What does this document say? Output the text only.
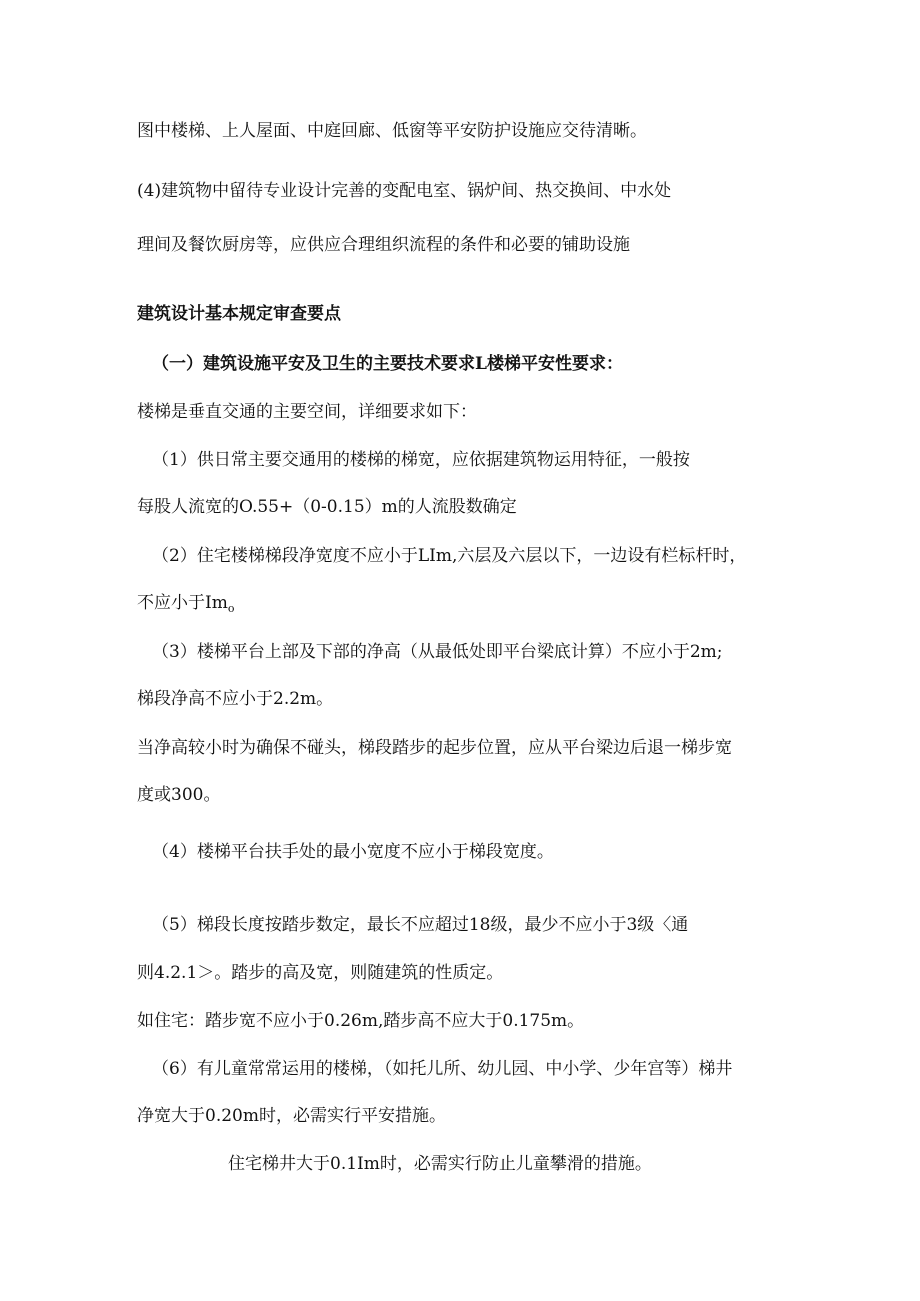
图中楼梯、上人屋面、中庭回廊、低窗等平安防护设施应交待清晰。
(4)建筑物中留待专业设计完善的变配电室、锅炉间、热交换间、中水处
理间及餐饮厨房等，应供应合理组织流程的条件和必要的铺助设施
建筑设计基本规定审查要点
（一）建筑设施平安及卫生的主要技术要求L楼梯平安性要求：
楼梯是垂直交通的主要空间，详细要求如下：
（1）供日常主要交通用的楼梯的梯宽，应依据建筑物运用特征，一般按
每股人流宽的O.55+（0-0.15）m的人流股数确定
（2）住宅楼梯梯段净宽度不应小于LIm,六层及六层以下，一边设有栏标杆时，
不应小于$Im_o$
（3）楼梯平台上部及下部的净高（从最低处即平台梁底计算）不应小于2m;
梯段净高不应小于2.2m。
当净高较小时为确保不碰头，梯段踏步的起步位置，应从平台梁边后退一梯步宽
度或300。
（4）楼梯平台扶手处的最小宽度不应小于梯段宽度。
（5）梯段长度按踏步数定，最长不应超过18级，最少不应小于3级〈通
则4.2.1＞。踏步的高及宽，则随建筑的性质定。
如住宅：踏步宽不应小于0.26m,踏步高不应大于0.175m。
（6）有儿童常常运用的楼梯，（如托儿所、幼儿园、中小学、少年宫等）梯井
净宽大于0.20m时，必需实行平安措施。
住宅梯井大于0.1Im时，必需实行防止儿童攀滑的措施。
